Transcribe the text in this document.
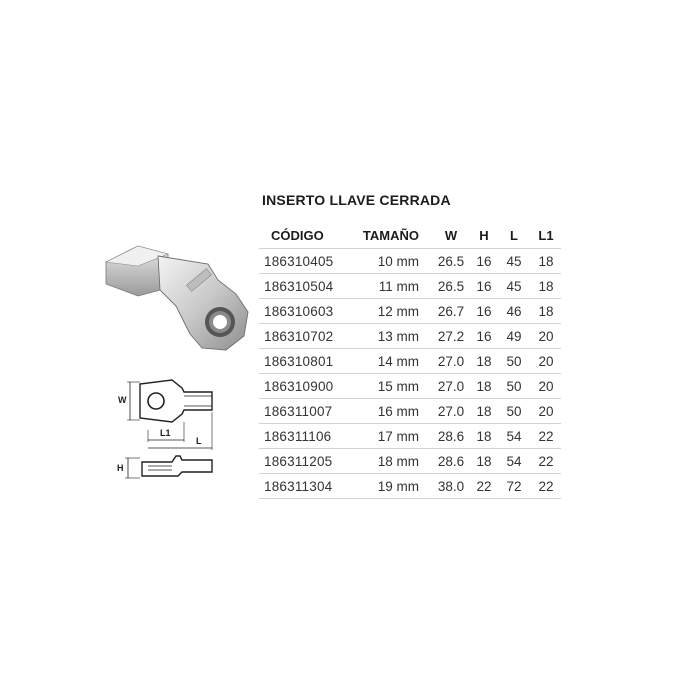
W
L1
L
H
INSERTO LLAVE CERRADA
CÓDIGO	TAMAÑO	W	H	L	L1
186310405	10 mm	26.5	16	45	18
186310504	11 mm	26.5	16	45	18
186310603	12 mm	26.7	16	46	18
186310702	13 mm	27.2	16	49	20
186310801	14 mm	27.0	18	50	20
186310900	15 mm	27.0	18	50	20
186311007	16 mm	27.0	18	50	20
186311106	17 mm	28.6	18	54	22
186311205	18 mm	28.6	18	54	22
186311304	19 mm	38.0	22	72	22
